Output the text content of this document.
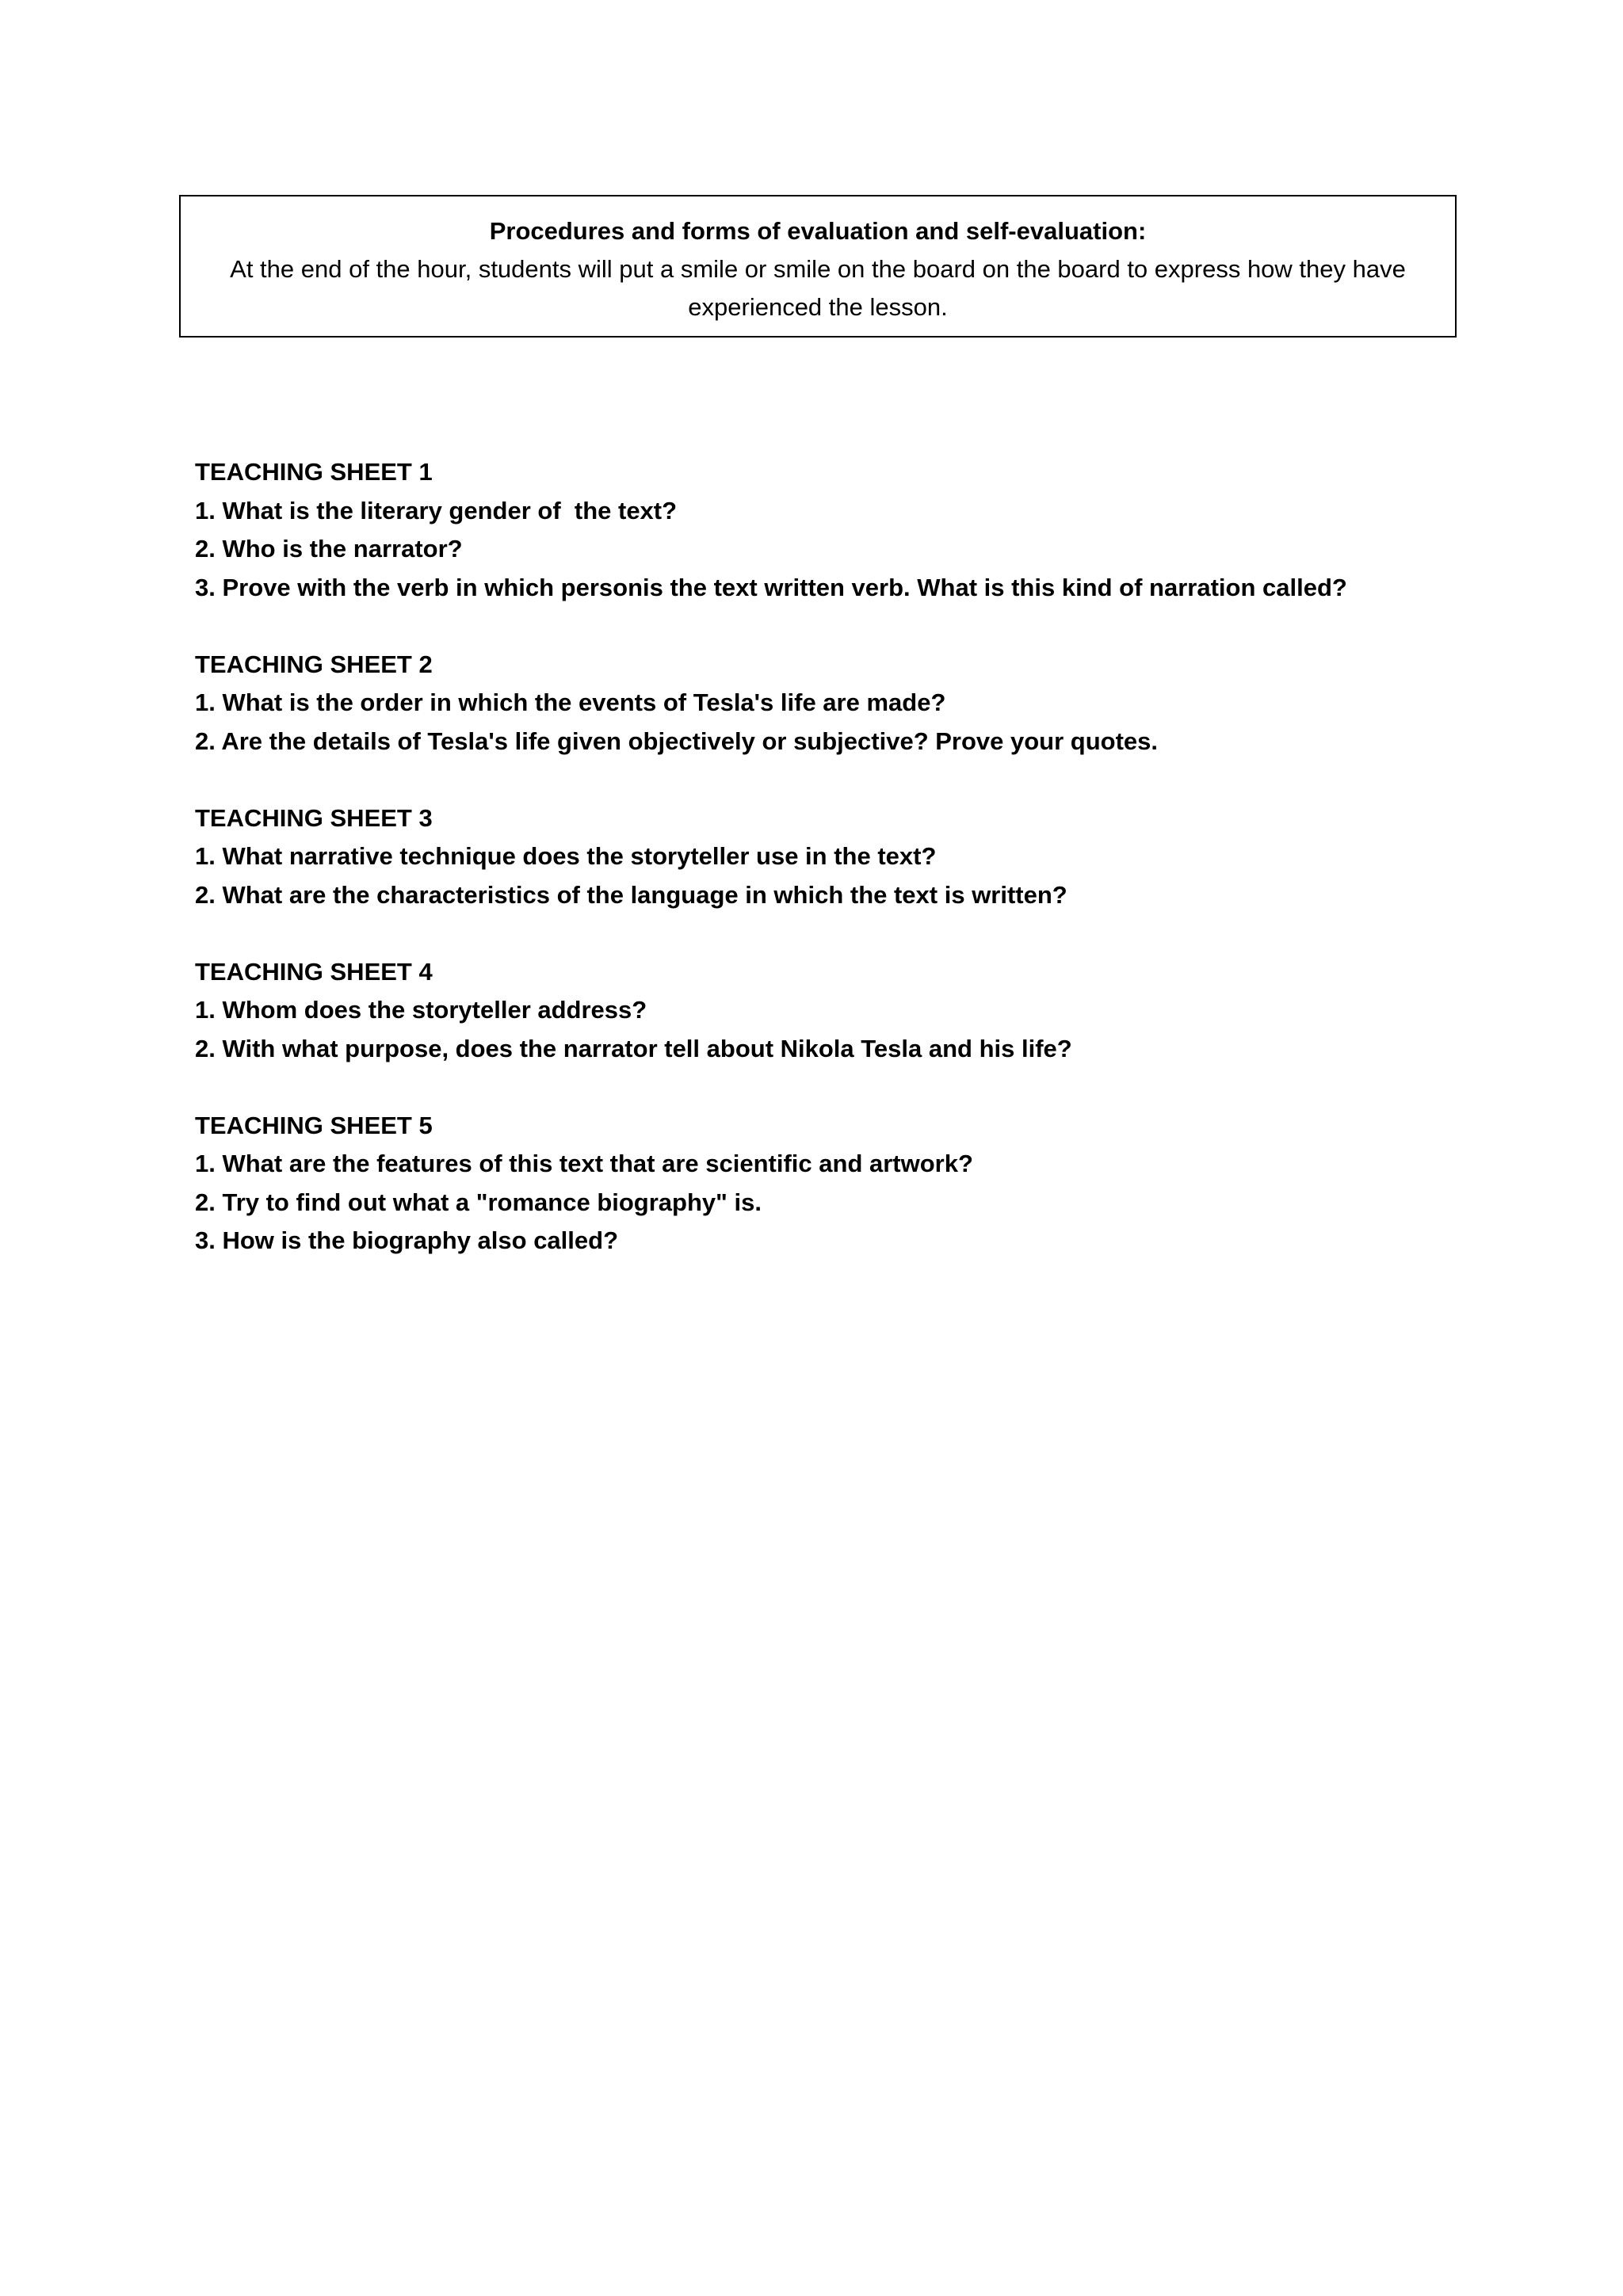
Procedures and forms of evaluation and self-evaluation:
At the end of the hour, students will put a smile or smile on the board on the board to express how they have experienced the lesson.
TEACHING SHEET 1
1. What is the literary gender of  the text?
2. Who is the narrator?
3. Prove with the verb in which personis the text written verb. What is this kind of narration called?
TEACHING SHEET 2
1. What is the order in which the events of Tesla's life are made?
2. Are the details of Tesla's life given objectively or subjective? Prove your quotes.
TEACHING SHEET 3
1. What narrative technique does the storyteller use in the text?
2. What are the characteristics of the language in which the text is written?
TEACHING SHEET 4
1. Whom does the storyteller address?
2. With what purpose, does the narrator tell about Nikola Tesla and his life?
TEACHING SHEET 5
1. What are the features of this text that are scientific and artwork?
2. Try to find out what a "romance biography" is.
3. How is the biography also called?
